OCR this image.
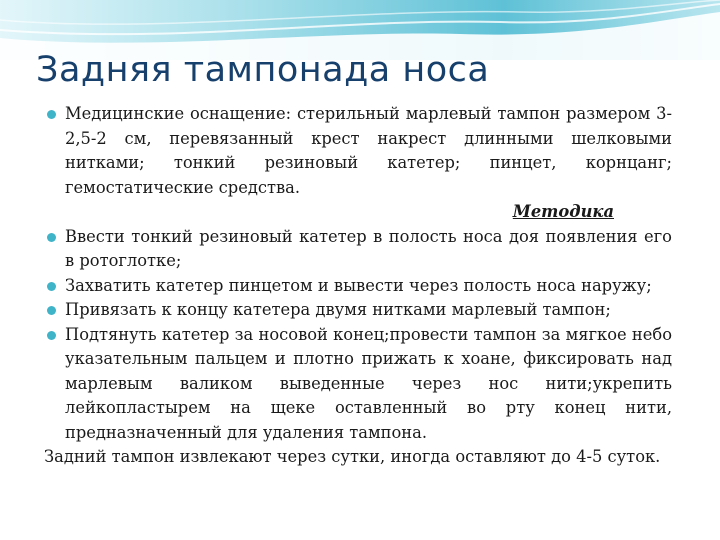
Задняя тампонада носа
Медицинские оснащение: стерильный марлевый тампон размером 3-2,5-2 см, перевязанный крест накрест длинными шелковыми нитками; тонкий резиновый катетер; пинцет, корнцанг; гемостатические средства.
Методика
Ввести тонкий резиновый катетер в полость носа доя появления его в ротоглотке;
Захватить катетер пинцетом и вывести через полость носа наружу;
Привязать к концу катетера двумя нитками марлевый тампон;
Подтянуть катетер за носовой конец;провести тампон за мягкое небо указательным пальцем и плотно прижать к хоане, фиксировать над марлевым валиком выведенные через нос нити;укрепить лейкопластырем на щеке оставленный во рту конец нити, предназначенный для удаления тампона.
Задний тампон извлекают через сутки, иногда оставляют до 4-5 суток.
